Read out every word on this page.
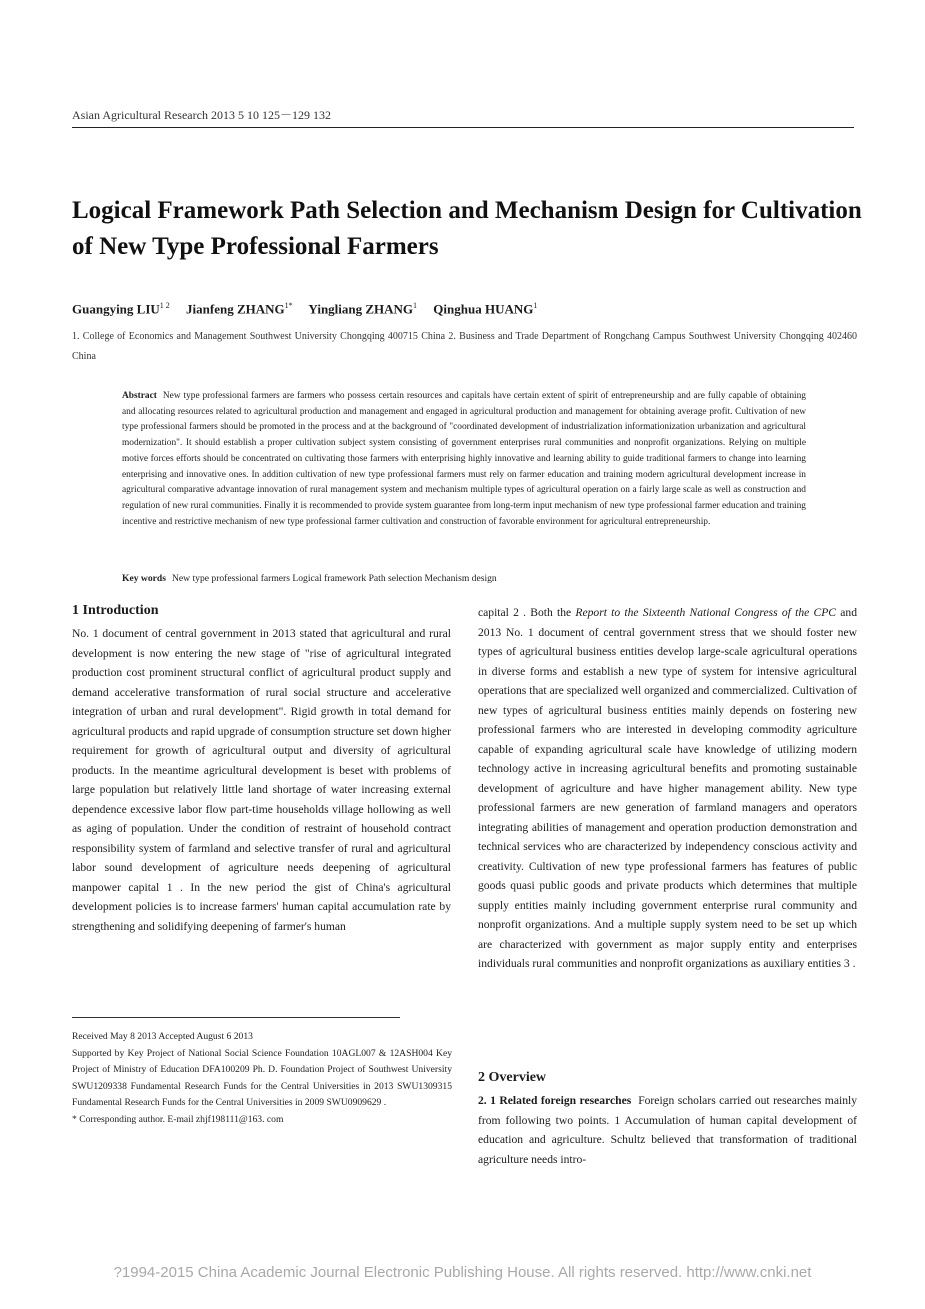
Asian Agricultural Research 2013 5 10 125－129 132
Logical Framework Path Selection and Mechanism Design for Cultivation of New Type Professional Farmers
Guangying $LIU^{1 2}$ Jianfeng $ZHANG^{1*}$ Yingliang ZHANG$^1$ Qinghua HUANG$^1$
1. College of Economics and Management Southwest University Chongqing 400715 China 2. Business and Trade Department of Rongchang Campus Southwest University Chongqing 402460 China
Abstract New type professional farmers are farmers who possess certain resources and capitals have certain extent of spirit of entrepreneurship and are fully capable of obtaining and allocating resources related to agricultural production and management and engaged in agricultural production and management for obtaining average profit. Cultivation of new type professional farmers should be promoted in the process and at the background of "coordinated development of industrialization informationization urbanization and agricultural modernization". It should establish a proper cultivation subject system consisting of government enterprises rural communities and nonprofit organizations. Relying on multiple motive forces efforts should be concentrated on cultivating those farmers with enterprising highly innovative and learning ability to guide traditional farmers to change into learning enterprising and innovative ones. In addition cultivation of new type professional farmers must rely on farmer education and training modern agricultural development increase in agricultural comparative advantage innovation of rural management system and mechanism multiple types of agricultural operation on a fairly large scale as well as construction and regulation of new rural communities. Finally it is recommended to provide system guarantee from long-term input mechanism of new type professional farmer education and training incentive and restrictive mechanism of new type professional farmer cultivation and construction of favorable environment for agricultural entrepreneurship.
Key words New type professional farmers Logical framework Path selection Mechanism design
1 Introduction
No. 1 document of central government in 2013 stated that agricultural and rural development is now entering the new stage of "rise of agricultural integrated production cost prominent structural conflict of agricultural product supply and demand accelerative transformation of rural social structure and accelerative integration of urban and rural development". Rigid growth in total demand for agricultural products and rapid upgrade of consumption structure set down higher requirement for growth of agricultural output and diversity of agricultural products. In the meantime agricultural development is beset with problems of large population but relatively little land shortage of water increasing external dependence excessive labor flow part-time households village hollowing as well as aging of population. Under the condition of restraint of household contract responsibility system of farmland and selective transfer of rural and agricultural labor sound development of agriculture needs deepening of agricultural manpower capital 1 . In the new period the gist of China's agricultural development policies is to increase farmers' human capital accumulation rate by strengthening and solidifying deepening of farmer's human
capital 2 . Both the Report to the Sixteenth National Congress of the CPC and 2013 No. 1 document of central government stress that we should foster new types of agricultural business entities develop large-scale agricultural operations in diverse forms and establish a new type of system for intensive agricultural operations that are specialized well organized and commercialized. Cultivation of new types of agricultural business entities mainly depends on fostering new professional farmers who are interested in developing commodity agriculture capable of expanding agricultural scale have knowledge of utilizing modern technology active in increasing agricultural benefits and promoting sustainable development of agriculture and have higher management ability. New type professional farmers are new generation of farmland managers and operators integrating abilities of management and operation production demonstration and technical services who are characterized by independency conscious activity and creativity. Cultivation of new type professional farmers has features of public goods quasi public goods and private products which determines that multiple supply entities mainly including government enterprise rural community and nonprofit organizations. And a multiple supply system need to be set up which are characterized with government as major supply entity and enterprises individuals rural communities and nonprofit organizations as auxiliary entities 3 .
2 Overview
2. 1 Related foreign researches Foreign scholars carried out researches mainly from following two points. 1 Accumulation of human capital development of education and agriculture. Schultz believed that transformation of traditional agriculture needs intro-
Received May 8 2013 Accepted August 6 2013
Supported by Key Project of National Social Science Foundation 10AGL007 & 12ASH004 Key Project of Ministry of Education DFA100209 Ph. D. Foundation Project of Southwest University SWU1209338 Fundamental Research Funds for the Central Universities in 2013 SWU1309315 Fundamental Research Funds for the Central Universities in 2009 SWU0909629 .
* Corresponding author. E-mail zhjf198111@163. com
?1994-2015 China Academic Journal Electronic Publishing House. All rights reserved. http://www.cnki.net
